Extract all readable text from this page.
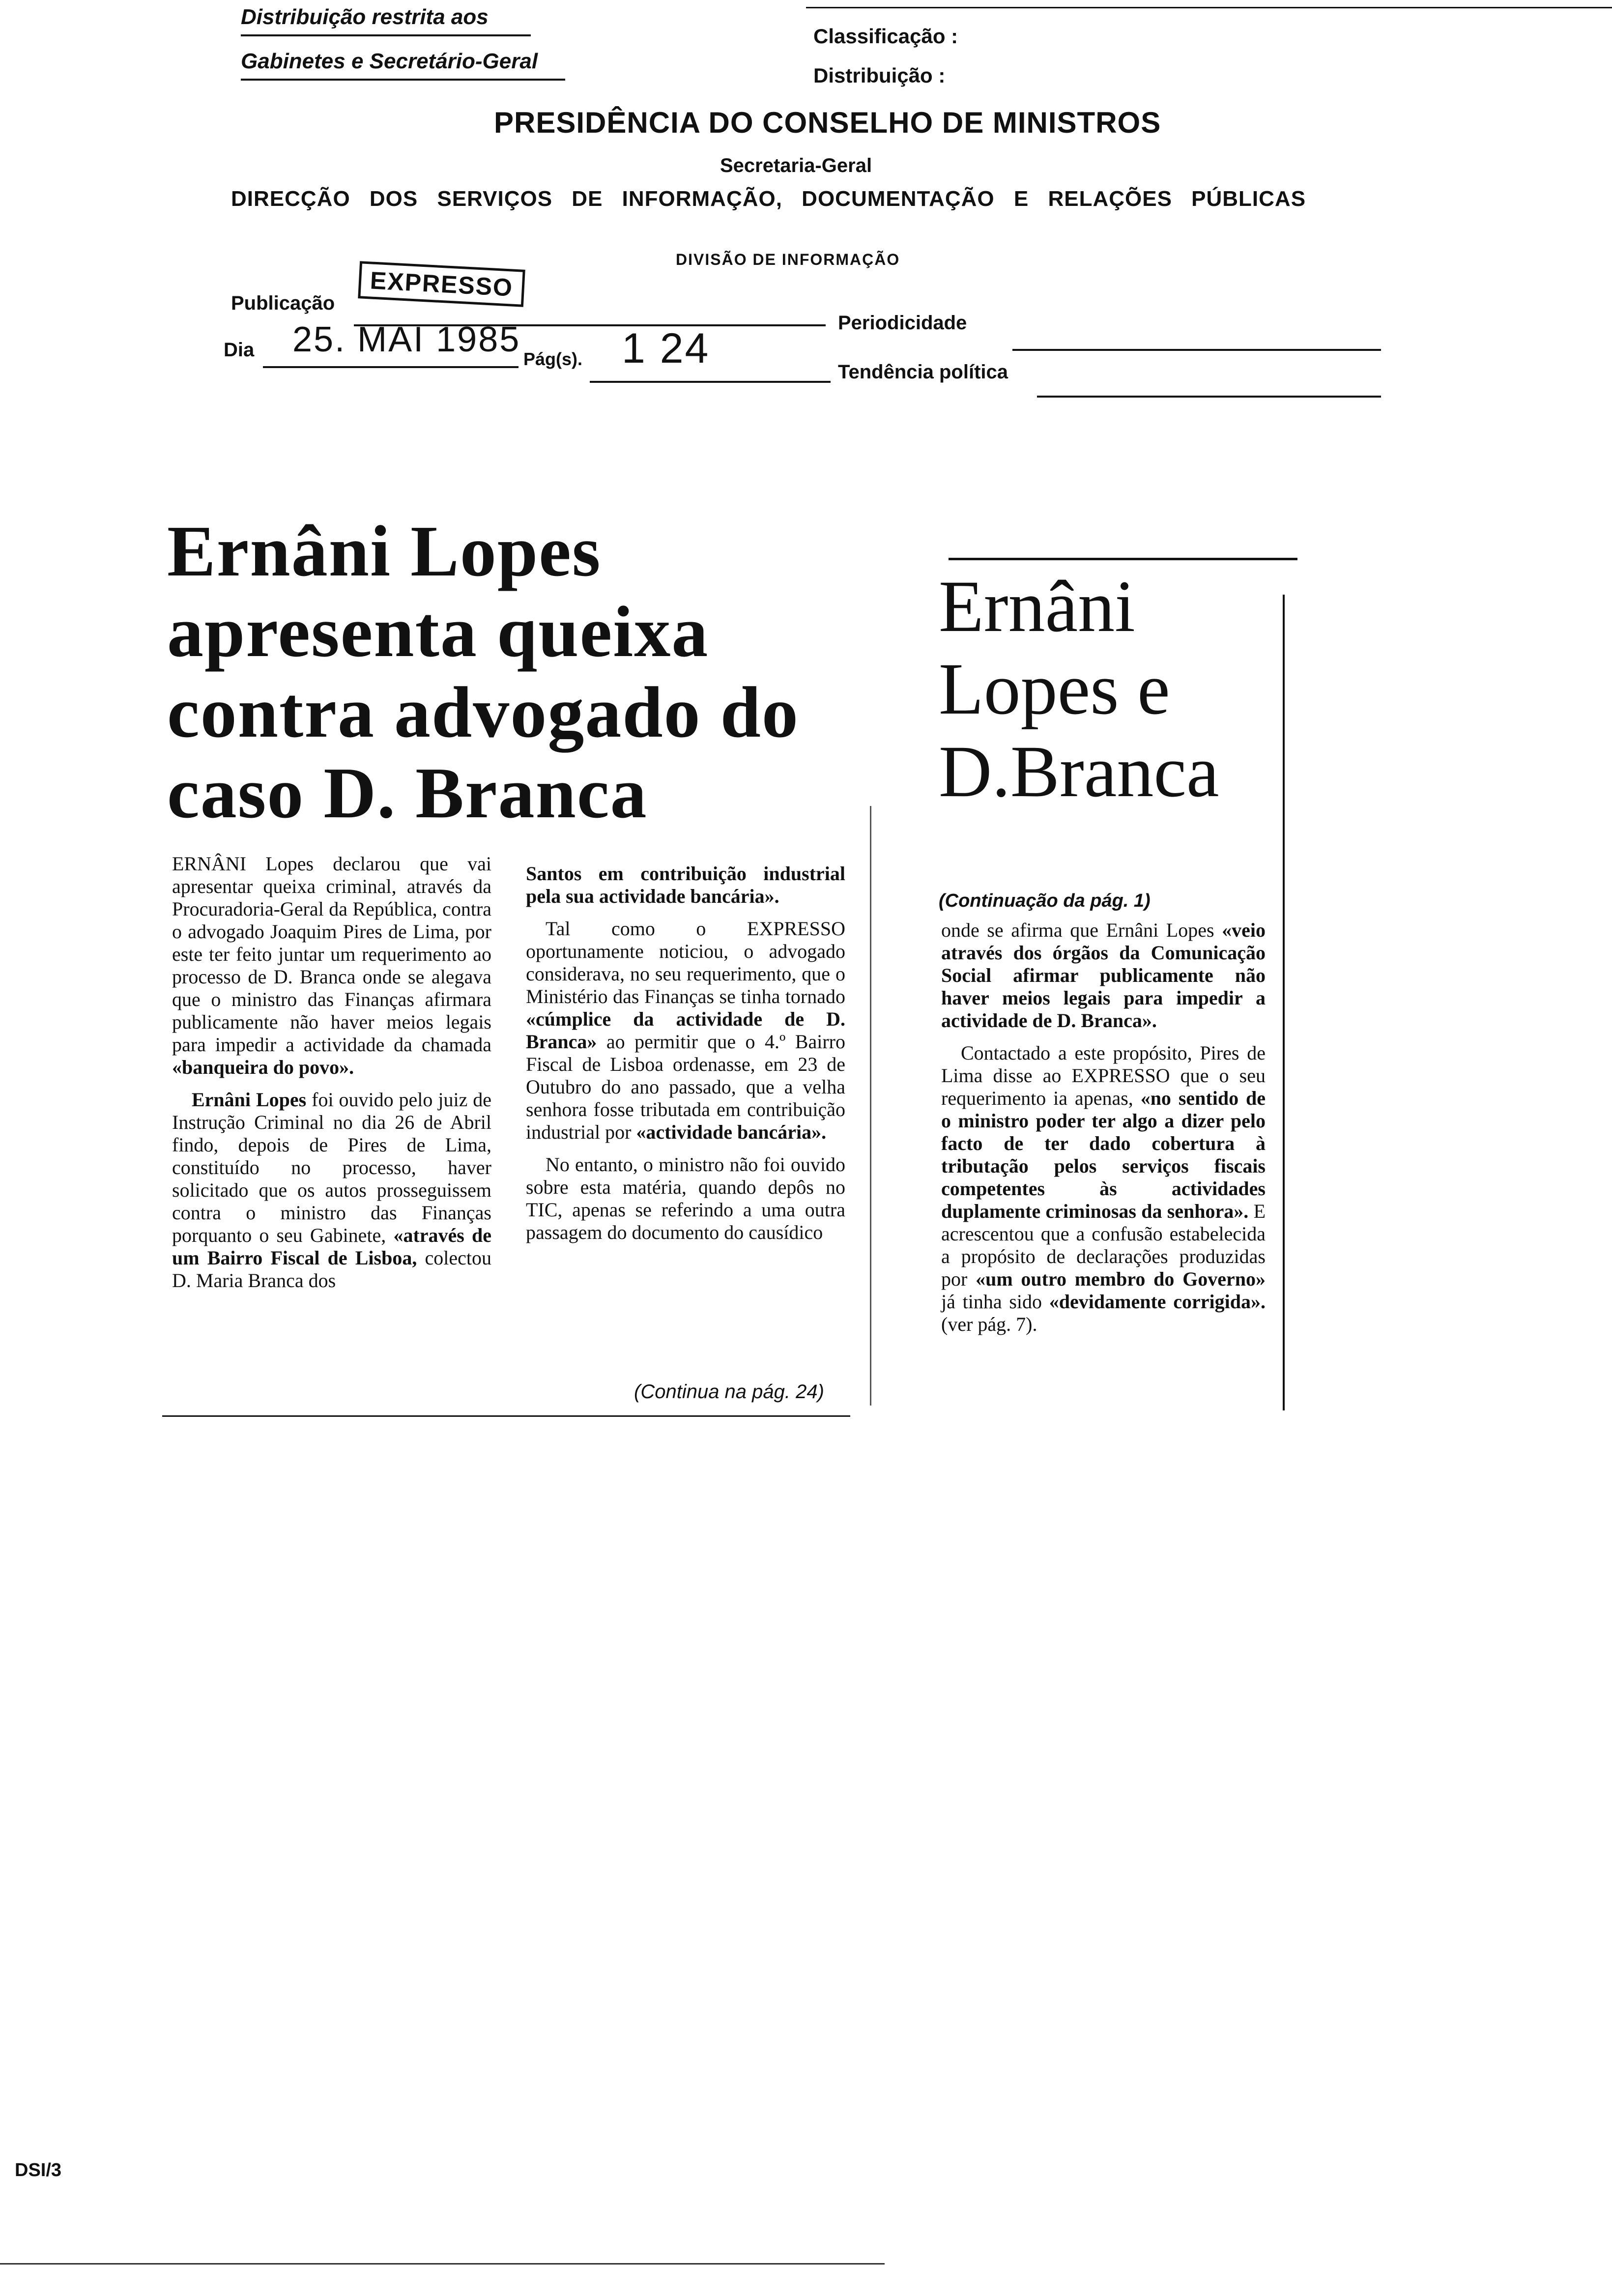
Distribuição restrita aos
Gabinetes e Secretário-Geral
Classificação :
Distribuição :
PRESIDÊNCIA DO CONSELHO DE MINISTROS
Secretaria-Geral
DIRECÇÃO DOS SERVIÇOS DE INFORMAÇÃO, DOCUMENTAÇÃO E RELAÇÕES PÚBLICAS
DIVISÃO DE INFORMAÇÃO
Publicação
EXPRESSO
Periodicidade
Dia 25. MAI 1985 Pág(s). 1 24	Tendência política
Ernâni Lopes apresenta queixa contra advogado do caso D. Branca

ERNÂNI Lopes declarou que vai apresentar queixa criminal, através da Procuradoria-Geral da República, contra o advogado Joaquim Pires de Lima, por este ter feito juntar um requerimento ao processo de D. Branca onde se alegava que o ministro das Finanças afirmara publicamente não haver meios legais para impedir a actividade da chamada «banqueira do povo».

Ernâni Lopes foi ouvido pelo juiz de Instrução Criminal no dia 26 de Abril findo, depois de Pires de Lima, constituído no processo, haver solicitado que os autos prosseguissem contra o ministro das Finanças porquanto o seu Gabinete, «através de um Bairro Fiscal de Lisboa, colectou D. Maria Branca dos

Santos em contribuição industrial pela sua actividade bancária».

Tal como o EXPRESSO oportunamente noticiou, o advogado considerava, no seu requerimento, que o Ministério das Finanças se tinha tornado «cúmplice da actividade de D. Branca» ao permitir que o 4.º Bairro Fiscal de Lisboa ordenasse, em 23 de Outubro do ano passado, que a velha senhora fosse tributada em contribuição industrial por «actividade bancária».

No entanto, o ministro não foi ouvido sobre esta matéria, quando depôs no TIC, apenas se referindo a uma outra passagem do documento do causídico

(Continua na pág. 24)
Ernâni Lopes e D.Branca
(Continuação da pág. 1)

onde se afirma que Ernâni Lopes «veio através dos órgãos da Comunicação Social afirmar publicamente não haver meios legais para impedir a actividade de D. Branca».

Contactado a este propósito, Pires de Lima disse ao EXPRESSO que o seu requerimento ia apenas, «no sentido de o ministro poder ter algo a dizer pelo facto de ter dado cobertura à tributação pelos serviços fiscais competentes às actividades duplamente criminosas da senhora». E acrescentou que a confusão estabelecida a propósito de declarações produzidas por «um outro membro do Governo» já tinha sido «devidamente corrigida». (ver pág. 7).

DSI/3
